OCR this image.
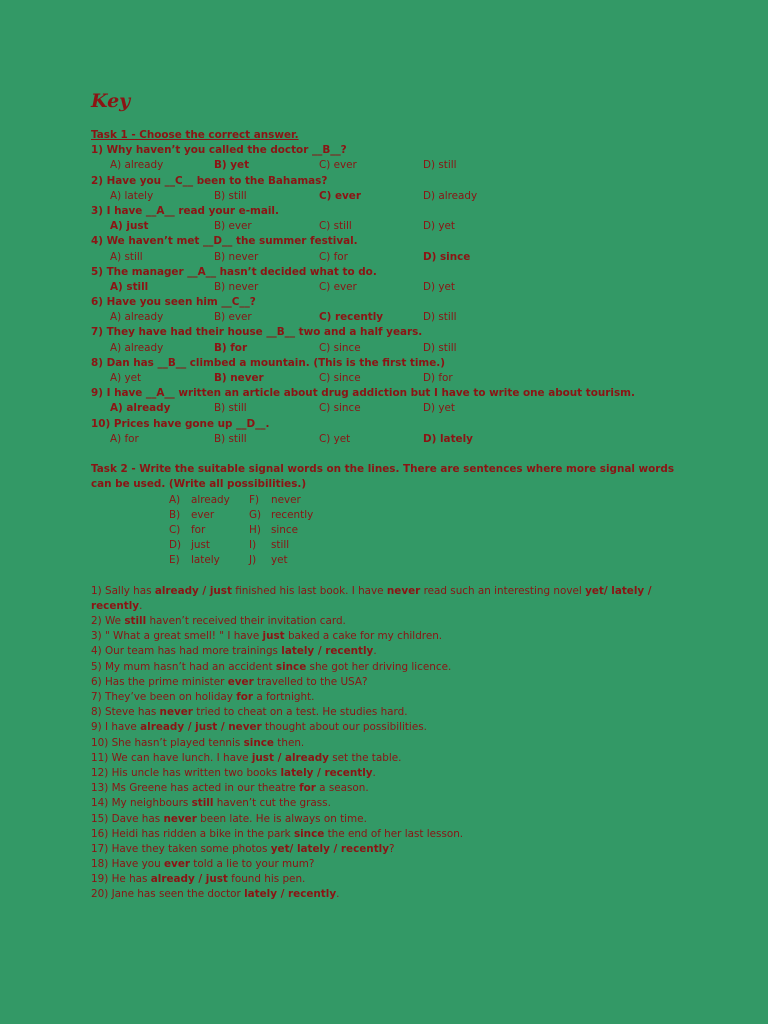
Key
Task 1 - Choose the correct answer.
1) Why haven’t you called the doctor __B__?
A) already	B) yet	C) ever	D) still
2) Have you __C__ been to the Bahamas?
A) lately	B) still	C) ever	D) already
3) I have __A__ read your e-mail.
A) just	B) ever	C) still	D) yet
4) We haven’t met __D__ the summer festival.
A) still	B) never	C) for	D) since
5) The manager __A__ hasn’t decided what to do.
A) still	B) never	C) ever	D) yet
6) Have you seen him __C__?
A) already	B) ever	C) recently	D) still
7) They have had their house __B__ two and a half years.
A) already	B) for	C) since	D) still
8) Dan has __B__ climbed a mountain. (This is the first time.)
A) yet	B) never	C) since	D) for
9) I have __A__ written an article about drug addiction but I have to write one about tourism.
A) already	B) still	C) since	D) yet
10) Prices have gone up __D__.
A) for	B) still	C) yet	D) lately
Task 2 - Write the suitable signal words on the lines. There are sentences where more signal words
can be used. (Write all possibilities.)
A) already
B) ever
C) for
D) just
E) lately
F) never
G) recently
H) since
I) still
J) yet
1) Sally has already / just finished his last book. I have never read such an interesting novel yet/ lately /
recently.
2) We still haven’t received their invitation card.
3) " What a great smell! " I have just baked a cake for my children.
4) Our team has had more trainings lately / recently.
5) My mum hasn’t had an accident since she got her driving licence.
6) Has the prime minister ever travelled to the USA?
7) They’ve been on holiday for a fortnight.
8) Steve has never tried to cheat on a test. He studies hard.
9) I have already / just / never thought about our possibilities.
10) She hasn’t played tennis since then.
11) We can have lunch. I have just / already set the table.
12) His uncle has written two books lately / recently.
13) Ms Greene has acted in our theatre for a season.
14) My neighbours still haven’t cut the grass.
15) Dave has never been late. He is always on time.
16) Heidi has ridden a bike in the park since the end of her last lesson.
17) Have they taken some photos yet/ lately / recently?
18) Have you ever told a lie to your mum?
19) He has already / just found his pen.
20) Jane has seen the doctor lately / recently.
